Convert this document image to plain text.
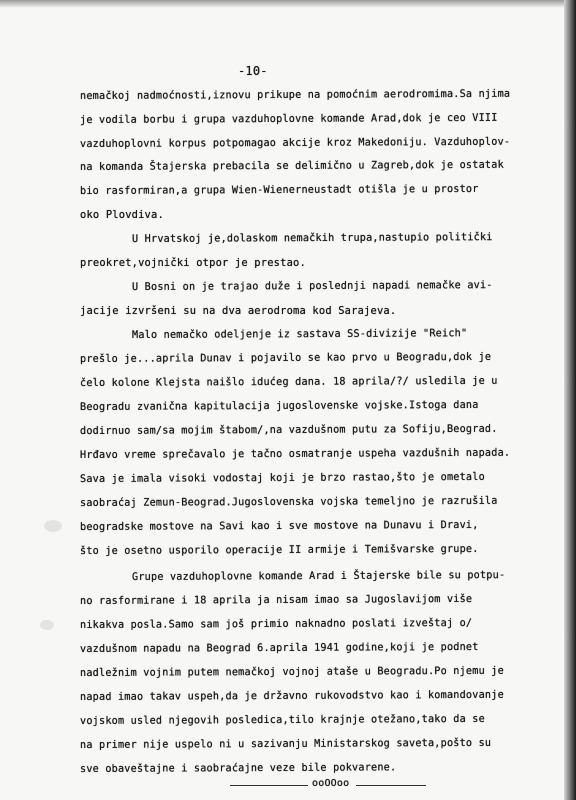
-10-
nemačkoj nadmoćnosti,iznovu prikupe na pomoćnim aerodromima.Sa njima
je vodila borbu i grupa vazduhoplovne komande Arad,dok je ceo VIII
vazduhoplovni korpus potpomagao akcije kroz Makedoniju. Vazduhoplov-
na komanda Štajerska prebacila se delimično u Zagreb,dok je ostatak
bio rasformiran,a grupa Wien-Wienerneustadt otišla je u prostor
oko Plovdiva.
U Hrvatskoj je,dolaskom nemačkih trupa,nastupio politički
preokret,vojnički otpor je prestao.
U Bosni on je trajao duže i poslednji napadi nemačke avi-
jacije izvršeni su na dva aerodroma kod Sarajeva.
Malo nemačko odeljenje iz sastava SS-divizije "Reich"
prešlo je...aprila Dunav i pojavilo se kao prvo u Beogradu,dok je
čelo kolone Klejsta naišlo idućeg dana. 18 aprila/?/ usledila je u
Beogradu zvanična kapitulacija jugoslovenske vojske.Istoga dana
dodirnuo sam/sa mojim štabom/,na vazdušnom putu za Sofiju,Beograd.
Hrđavo vreme sprečavalo je tačno osmatranje uspeha vazdušnih napada.
Sava je imala visoki vodostaj koji je brzo rastao,što je ometalo
saobraćaj Zemun-Beograd.Jugoslovenska vojska temeljno je razrušila
beogradske mostove na Savi kao i sve mostove na Dunavu i Dravi,
što je osetno usporilo operacije II armije i Temišvarske grupe.
Grupe vazduhoplovne komande Arad i Štajerske bile su potpu-
no rasformirane i 18 aprila ja nisam imao sa Jugoslavijom više
nikakva posla.Samo sam još primio naknadno poslati izveštaj o/
vazdušnom napadu na Beograd 6.aprila 1941 godine,koji je podnet
nadležnim vojnim putem nemačkoj vojnoj ataše u Beogradu.Po njemu je
napad imao takav uspeh,da je državno rukovodstvo kao i komandovanje
vojskom usled njegovih posledica,tilo krajnje otežano,tako da se
na primer nije uspelo ni u sazivanju Ministarskog saveta,pošto su
sve obaveštajne i saobraćajne veze bile pokvarene.
ooOOoo
